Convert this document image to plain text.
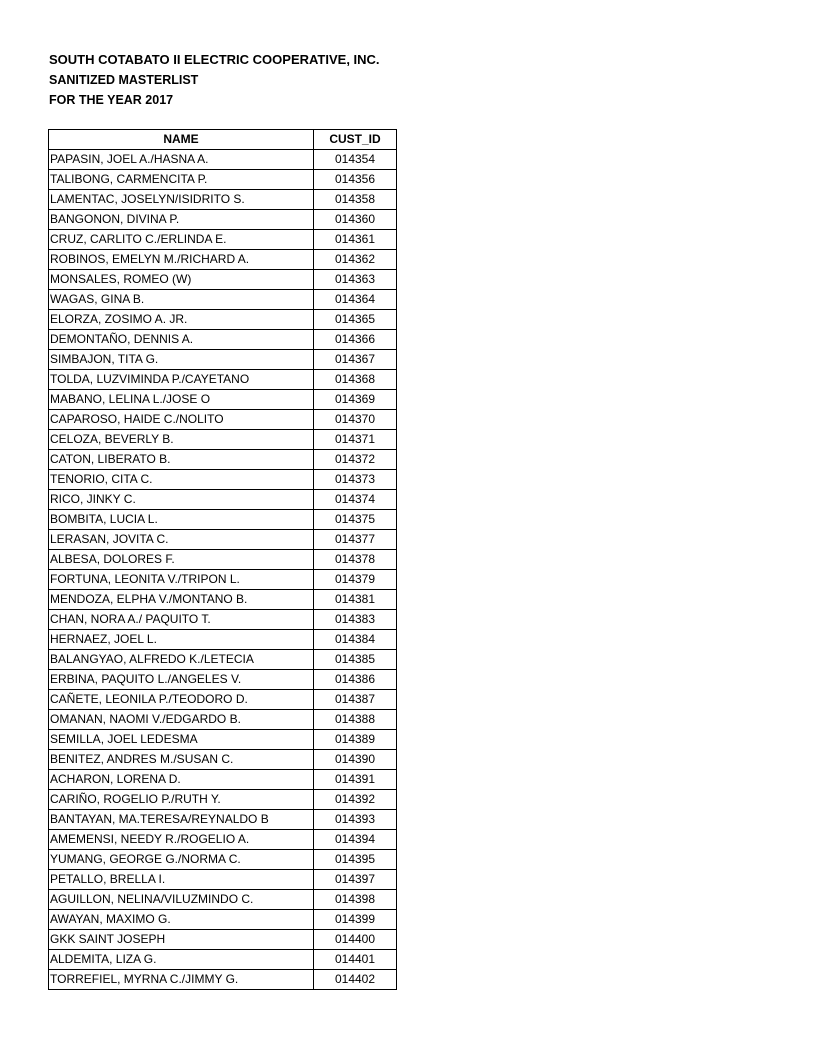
SOUTH COTABATO II ELECTRIC COOPERATIVE, INC.
SANITIZED MASTERLIST
FOR THE YEAR 2017
NAME	CUST_ID
PAPASIN, JOEL A./HASNA A.	014354
TALIBONG, CARMENCITA P.	014356
LAMENTAC, JOSELYN/ISIDRITO S.	014358
BANGONON, DIVINA P.	014360
CRUZ, CARLITO C./ERLINDA E.	014361
ROBINOS, EMELYN M./RICHARD A.	014362
MONSALES, ROMEO (W)	014363
WAGAS, GINA B.	014364
ELORZA, ZOSIMO A. JR.	014365
DEMONTAÑO, DENNIS A.	014366
SIMBAJON, TITA G.	014367
TOLDA, LUZVIMINDA P./CAYETANO	014368
MABANO, LELINA L./JOSE O	014369
CAPAROSO, HAIDE C./NOLITO	014370
CELOZA, BEVERLY B.	014371
CATON, LIBERATO B.	014372
TENORIO, CITA C.	014373
RICO, JINKY C.	014374
BOMBITA, LUCIA L.	014375
LERASAN, JOVITA C.	014377
ALBESA, DOLORES F.	014378
FORTUNA, LEONITA V./TRIPON L.	014379
MENDOZA, ELPHA V./MONTANO B.	014381
CHAN, NORA A./ PAQUITO T.	014383
HERNAEZ, JOEL L.	014384
BALANGYAO, ALFREDO K./LETECIA	014385
ERBINA, PAQUITO L./ANGELES V.	014386
CAÑETE, LEONILA P./TEODORO D.	014387
OMANAN, NAOMI V./EDGARDO B.	014388
SEMILLA, JOEL LEDESMA	014389
BENITEZ, ANDRES M./SUSAN C.	014390
ACHARON, LORENA D.	014391
CARIÑO, ROGELIO P./RUTH Y.	014392
BANTAYAN, MA.TERESA/REYNALDO B	014393
AMEMENSI, NEEDY R./ROGELIO A.	014394
YUMANG, GEORGE G./NORMA C.	014395
PETALLO, BRELLA I.	014397
AGUILLON, NELINA/VILUZMINDO C.	014398
AWAYAN, MAXIMO G.	014399
GKK SAINT JOSEPH	014400
ALDEMITA, LIZA G.	014401
TORREFIEL, MYRNA C./JIMMY G.	014402
